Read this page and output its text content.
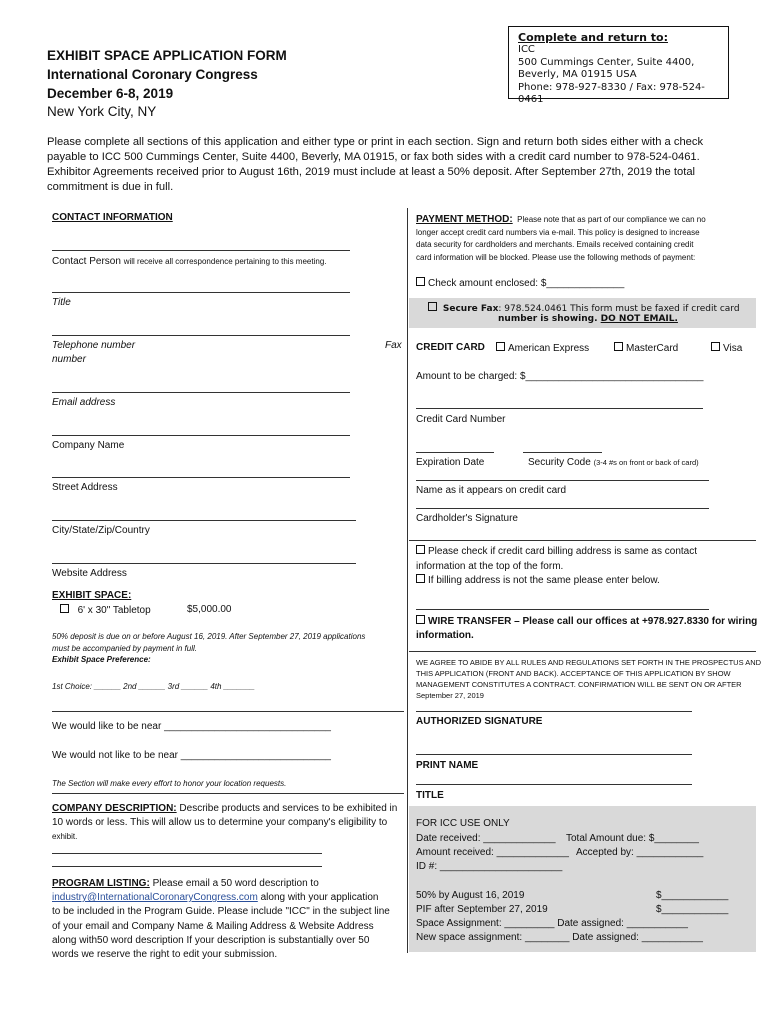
Complete and return to:
ICC
500 Cummings Center, Suite 4400,
Beverly, MA 01915 USA
Phone: 978-927-8330 / Fax: 978-524-0461
EXHIBIT SPACE APPLICATION FORM
International Coronary Congress
December 6-8, 2019
New York City, NY
Please complete all sections of this application and either type or print in each section. Sign and return both sides either with a check
payable to ICC 500 Cummings Center, Suite 4400, Beverly, MA 01915, or fax both sides with a credit card number to 978-524-0461.
Exhibitor Agreements received prior to August 16th, 2019 must include at least a 50% deposit. After September 27th, 2019 the total
commitment is due in full.
CONTACT INFORMATION
Contact Person will receive all correspondence pertaining to this meeting.
Title
Telephone number	Fax
number
Email address
Company Name
Street Address
City/State/Zip/Country
Website Address
EXHIBIT SPACE:
6' x 30" Tabletop	$5,000.00
50% deposit is due on or before August 16, 2019. After September 27, 2019 applications
must be accompanied by payment in full.
Exhibit Space Preference:
1st Choice: ______ 2nd ______ 3rd ______ 4th _______
We would like to be near ______________________________
We would not like to be near ___________________________
The Section will make every effort to honor your location requests.
COMPANY DESCRIPTION: Describe products and services to be exhibited in
10 words or less. This will allow us to determine your company's eligibility to
exhibit.
PROGRAM LISTING: Please email a 50 word description to
industry@InternationalCoronaryCongress.com along with your application
to be included in the Program Guide. Please include "ICC" in the subject line
of your email and Company Name & Mailing Address & Website Address
along with50 word description If your description is substantially over 50
words we reserve the right to edit your submission.
PAYMENT METHOD: Please note that as part of our compliance we can no
longer accept credit card numbers via e-mail. This policy is designed to increase
data security for cardholders and merchants. Emails received containing credit
card information will be blocked. Please use the following methods of payment:
Check amount enclosed: $______________
Secure Fax: 978.524.0461 This form must be faxed if credit card
number is showing. DO NOT EMAIL.
CREDIT CARD	American Express	MasterCard	Visa
Amount to be charged: $________________________________
Credit Card Number
Expiration Date	Security Code (3-4 #s on front or back of card)
Name as it appears on credit card
Cardholder's Signature
Please check if credit card billing address is same as contact
information at the top of the form.
If billing address is not the same please enter below.
WIRE TRANSFER – Please call our offices at +978.927.8330 for wiring
information.
WE AGREE TO ABIDE BY ALL RULES AND REGULATIONS SET FORTH IN THE PROSPECTUS AND
THIS APPLICATION (FRONT AND BACK). ACCEPTANCE OF THIS APPLICATION BY SHOW
MANAGEMENT CONSTITUTES A CONTRACT. CONFIRMATION WILL BE SENT ON OR AFTER
September 27, 2019
AUTHORIZED SIGNATURE
PRINT NAME
TITLE
FOR ICC USE ONLY
Date received: _____________ Total Amount due: $________
Amount received: _____________ Accepted by: ____________
ID #: ______________________
50% by August 16, 2019	$____________
PIF after September 27, 2019	$____________
Space Assignment: _________ Date assigned: ___________
New space assignment: ________ Date assigned: ___________
